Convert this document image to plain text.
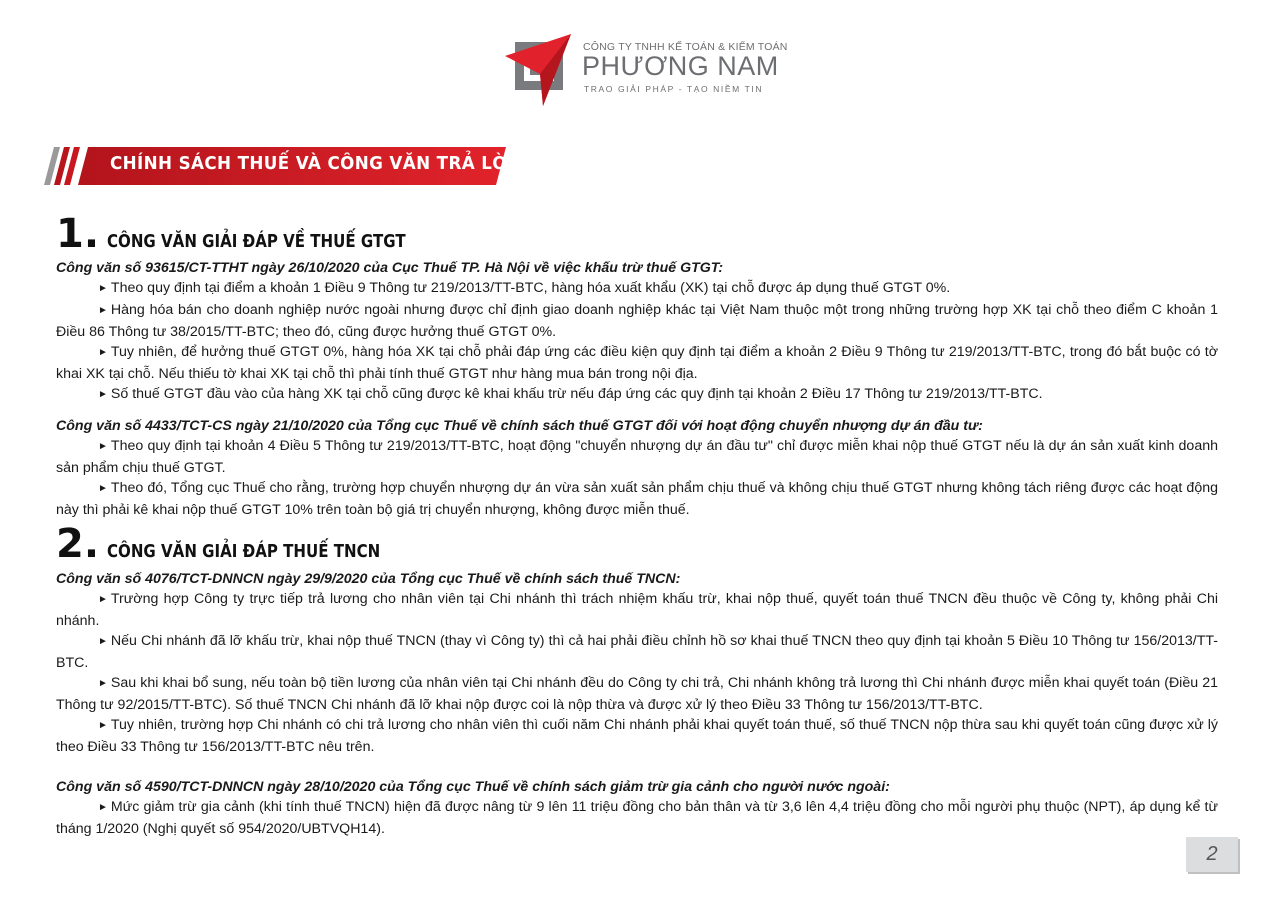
CÔNG TY TNHH KẾ TOÁN & KIỂM TOÁN
PHƯƠNG NAM
TRAO GIẢI PHÁP - TẠO NIỀM TIN
CHÍNH SÁCH THUẾ VÀ CÔNG VĂN TRẢ LỜI
1. CÔNG VĂN GIẢI ĐÁP VỀ THUẾ GTGT

Công văn số 93615/CT-TTHT ngày 26/10/2020 của Cục Thuế TP. Hà Nội về việc khấu trừ thuế GTGT:

► Theo quy định tại điểm a khoản 1 Điều 9 Thông tư 219/2013/TT-BTC, hàng hóa xuất khẩu (XK) tại chỗ được áp dụng thuế GTGT 0%.

► Hàng hóa bán cho doanh nghiệp nước ngoài nhưng được chỉ định giao doanh nghiệp khác tại Việt Nam thuộc một trong những trường hợp XK tại chỗ theo điểm C khoản 1 Điều 86 Thông tư 38/2015/TT-BTC; theo đó, cũng được hưởng thuế GTGT 0%.

► Tuy nhiên, để hưởng thuế GTGT 0%, hàng hóa XK tại chỗ phải đáp ứng các điều kiện quy định tại điểm a khoản 2 Điều 9 Thông tư 219/2013/TT-BTC, trong đó bắt buộc có tờ khai XK tại chỗ. Nếu thiếu tờ khai XK tại chỗ thì phải tính thuế GTGT như hàng mua bán trong nội địa.

► Số thuế GTGT đầu vào của hàng XK tại chỗ cũng được kê khai khấu trừ nếu đáp ứng các quy định tại khoản 2 Điều 17 Thông tư 219/2013/TT-BTC.

Công văn số 4433/TCT-CS ngày 21/10/2020 của Tổng cục Thuế về chính sách thuế GTGT đối với hoạt động chuyển nhượng dự án đầu tư:

► Theo quy định tại khoản 4 Điều 5 Thông tư 219/2013/TT-BTC, hoạt động "chuyển nhượng dự án đầu tư" chỉ được miễn khai nộp thuế GTGT nếu là dự án sản xuất kinh doanh sản phẩm chịu thuế GTGT.

► Theo đó, Tổng cục Thuế cho rằng, trường hợp chuyển nhượng dự án vừa sản xuất sản phẩm chịu thuế và không chịu thuế GTGT nhưng không tách riêng được các hoạt động này thì phải kê khai nộp thuế GTGT 10% trên toàn bộ giá trị chuyển nhượng, không được miễn thuế.

2. CÔNG VĂN GIẢI ĐÁP THUẾ TNCN

Công văn số 4076/TCT-DNNCN ngày 29/9/2020 của Tổng cục Thuế về chính sách thuế TNCN:

► Trường hợp Công ty trực tiếp trả lương cho nhân viên tại Chi nhánh thì trách nhiệm khấu trừ, khai nộp thuế, quyết toán thuế TNCN đều thuộc về Công ty, không phải Chi nhánh.

► Nếu Chi nhánh đã lỡ khấu trừ, khai nộp thuế TNCN (thay vì Công ty) thì cả hai phải điều chỉnh hồ sơ khai thuế TNCN theo quy định tại khoản 5 Điều 10 Thông tư 156/2013/TT-BTC.

► Sau khi khai bổ sung, nếu toàn bộ tiền lương của nhân viên tại Chi nhánh đều do Công ty chi trả, Chi nhánh không trả lương thì Chi nhánh được miễn khai quyết toán (Điều 21 Thông tư 92/2015/TT-BTC). Số thuế TNCN Chi nhánh đã lỡ khai nộp được coi là nộp thừa và được xử lý theo Điều 33 Thông tư 156/2013/TT-BTC.

► Tuy nhiên, trường hợp Chi nhánh có chi trả lương cho nhân viên thì cuối năm Chi nhánh phải khai quyết toán thuế, số thuế TNCN nộp thừa sau khi quyết toán cũng được xử lý theo Điều 33 Thông tư 156/2013/TT-BTC nêu trên.

Công văn số 4590/TCT-DNNCN ngày 28/10/2020 của Tổng cục Thuế về chính sách giảm trừ gia cảnh cho người nước ngoài:

► Mức giảm trừ gia cảnh (khi tính thuế TNCN) hiện đã được nâng từ 9 lên 11 triệu đồng cho bản thân và từ 3,6 lên 4,4 triệu đồng cho mỗi người phụ thuộc (NPT), áp dụng kể từ tháng 1/2020 (Nghị quyết số 954/2020/UBTVQH14).

2
